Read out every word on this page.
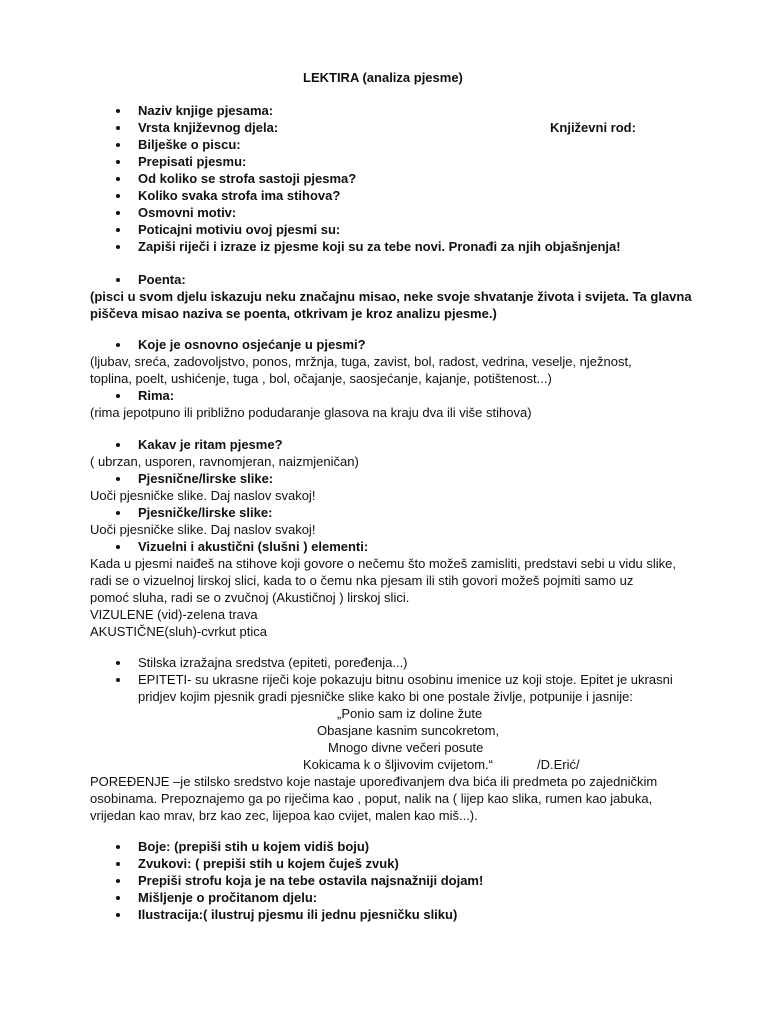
LEKTIRA (analiza pjesme)
Naziv knjige pjesama:
Vrsta književnog djela:	Književni rod:
Bilješke o piscu:
Prepisati pjesmu:
Od koliko se strofa sastoji pjesma?
Koliko svaka strofa ima stihova?
Osmovni motiv:
Poticajni motiviu ovoj pjesmi su:
Zapiši riječi i izraze iz pjesme koji su za tebe novi. Pronađi za njih objašnjenja!
Poenta:
(pisci u svom djelu iskazuju neku značajnu misao, neke svoje shvatanje života i svijeta. Ta glavna
piščeva misao naziva se poenta, otkrivam je kroz analizu pjesme.)
Koje je osnovno osjećanje u pjesmi?
(ljubav, sreća, zadovoljstvo, ponos, mržnja, tuga, zavist, bol, radost, vedrina, veselje, nježnost,
toplina, poelt, ushićenje, tuga , bol, očajanje, saosjećanje, kajanje, potištenost...)
Rima:
(rima jepotpuno ili približno podudaranje glasova na kraju dva ili više stihova)
Kakav je ritam pjesme?
( ubrzan, usporen, ravnomjeran, naizmjeničan)
Pjesnične/lirske slike:
Uoči pjesničke slike. Daj naslov svakoj!
Pjesničke/lirske slike:
Uoči pjesničke slike. Daj naslov svakoj!
Vizuelni i akustični (slušni ) elementi:
Kada u pjesmi naiđeš na stihove koji govore o nečemu što možeš zamisliti, predstavi sebi u vidu slike,
radi se o vizuelnoj lirskoj slici, kada to o čemu nka pjesam ili stih govori možeš pojmiti samo uz
pomoć sluha, radi se o zvučnoj (Akustičnoj ) lirskoj slici.
VIZULENE (vid)-zelena trava
AKUSTIČNE(sluh)-cvrkut ptica
Stilska izražajna sredstva (epiteti, poređenja...)
EPITETI- su ukrasne riječi koje pokazuju bitnu osobinu imenice uz koji stoje. Epitet je ukrasni
pridjev kojim pjesnik gradi pjesničke slike kako bi one postale življe, potpunije i jasnije:
„Ponio sam iz doline žute
Obasjane kasnim suncokretom,
Mnogo divne večeri posute
Kokicama k o šljivovim cvijetom.“	/D.Erić/
POREĐENJE –je stilsko sredstvo koje nastaje upoređivanjem dva bića ili predmeta po zajedničkim
osobinama. Prepoznajemo ga po riječima kao , poput, nalik na ( lijep kao slika, rumen kao jabuka,
vrijedan kao mrav, brz kao zec, lijepoa kao cvijet, malen kao miš...).
Boje: (prepiši stih u kojem vidiš boju)
Zvukovi: ( prepiši stih u kojem čuješ zvuk)
Prepiši strofu koja je na tebe ostavila najsnažniji dojam!
Mišljenje o pročitanom djelu:
Ilustracija:( ilustruj pjesmu ili jednu pjesničku sliku)
